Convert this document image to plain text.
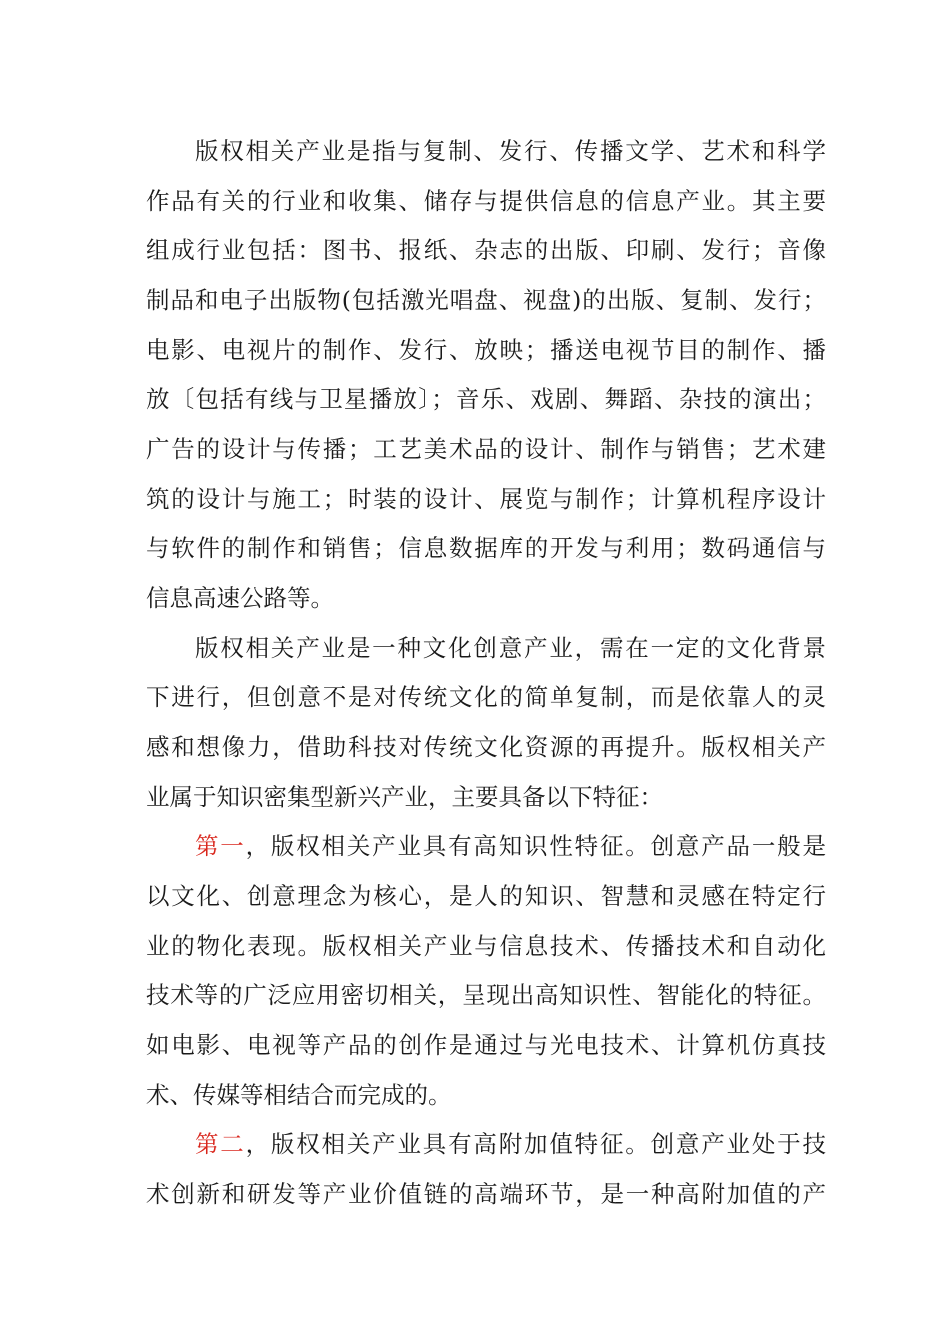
版权相关产业是指与复制、发行、传播文学、艺术和科学
作品有关的行业和收集、储存与提供信息的信息产业。其主要
组成行业包括：图书、报纸、杂志的出版、印刷、发行；音像
制品和电子出版物(包括激光唱盘、视盘)的出版、复制、发行；
电影、电视片的制作、发行、放映；播送电视节目的制作、播
放〔包括有线与卫星播放〕；音乐、戏剧、舞蹈、杂技的演出；
广告的设计与传播；工艺美术品的设计、制作与销售；艺术建
筑的设计与施工；时装的设计、展览与制作；计算机程序设计
与软件的制作和销售；信息数据库的开发与利用；数码通信与
信息高速公路等。
版权相关产业是一种文化创意产业，需在一定的文化背景
下进行，但创意不是对传统文化的简单复制，而是依靠人的灵
感和想像力，借助科技对传统文化资源的再提升。版权相关产
业属于知识密集型新兴产业，主要具备以下特征：
第一，版权相关产业具有高知识性特征。创意产品一般是
以文化、创意理念为核心，是人的知识、智慧和灵感在特定行
业的物化表现。版权相关产业与信息技术、传播技术和自动化
技术等的广泛应用密切相关，呈现出高知识性、智能化的特征。
如电影、电视等产品的创作是通过与光电技术、计算机仿真技
术、传媒等相结合而完成的。
第二，版权相关产业具有高附加值特征。创意产业处于技
术创新和研发等产业价值链的高端环节，是一种高附加值的产
